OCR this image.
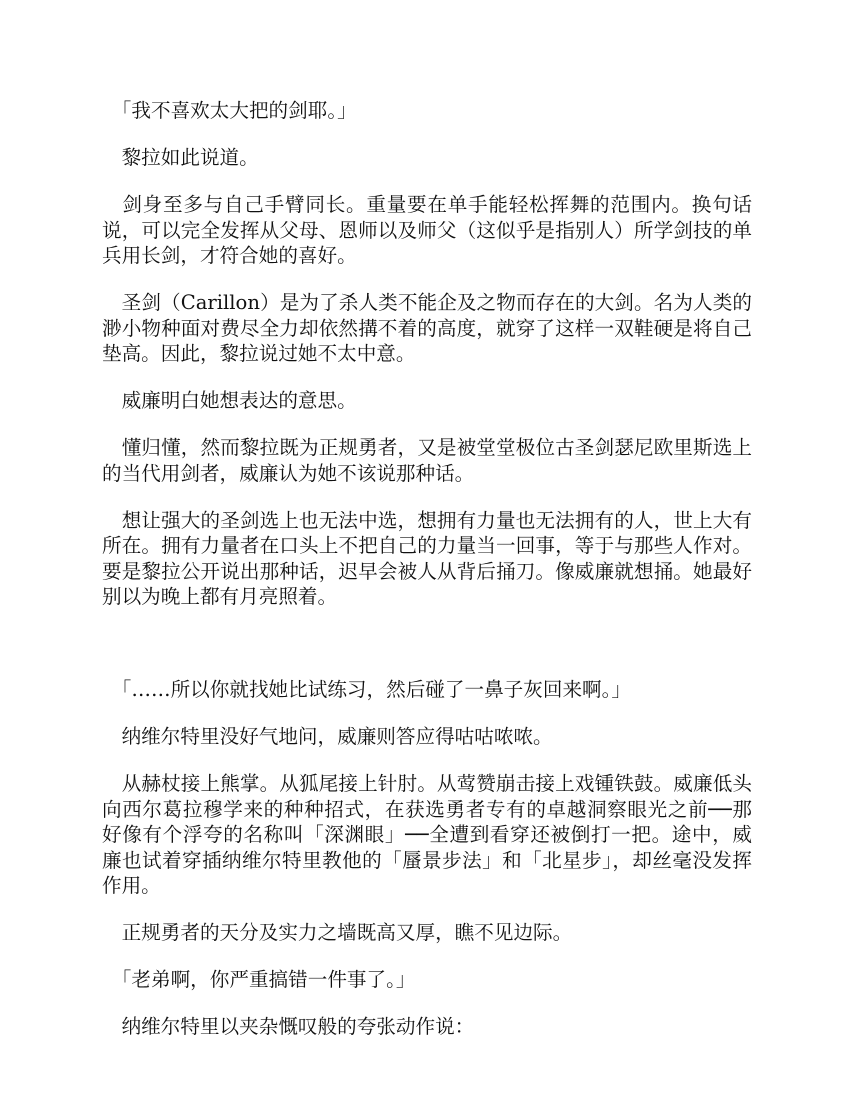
　「我不喜欢太大把的剑耶。」

　黎拉如此说道。

　剑身至多与自己手臂同长。重量要在单手能轻松挥舞的范围内。换句话说，可以完全发挥从父母、恩师以及师父（这似乎是指别人）所学剑技的单兵用长剑，才符合她的喜好。

　圣剑（Carillon）是为了杀人类不能企及之物而存在的大剑。名为人类的渺小物种面对费尽全力却依然搆不着的高度，就穿了这样一双鞋硬是将自己垫高。因此，黎拉说过她不太中意。

　威廉明白她想表达的意思。

　懂归懂，然而黎拉既为正规勇者，又是被堂堂极位古圣剑瑟尼欧里斯选上的当代用剑者，威廉认为她不该说那种话。

　想让强大的圣剑选上也无法中选，想拥有力量也无法拥有的人，世上大有所在。拥有力量者在口头上不把自己的力量当一回事，等于与那些人作对。要是黎拉公开说出那种话，迟早会被人从背后捅刀。像威廉就想捅。她最好别以为晚上都有月亮照着。

　「……所以你就找她比试练习，然后碰了一鼻子灰回来啊。」

　纳维尔特里没好气地问，威廉则答应得咕咕哝哝。

　从赫杖接上熊掌。从狐尾接上针肘。从莺赞崩击接上戏锺铁鼓。威廉低头向西尔葛拉穆学来的种种招式，在获选勇者专有的卓越洞察眼光之前──那好像有个浮夸的名称叫「深渊眼」──全遭到看穿还被倒打一把。途中，威廉也试着穿插纳维尔特里教他的「蜃景步法」和「北星步」，却丝毫没发挥作用。

　正规勇者的天分及实力之墙既高又厚，瞧不见边际。

　「老弟啊，你严重搞错一件事了。」

　纳维尔特里以夹杂慨叹般的夸张动作说：
